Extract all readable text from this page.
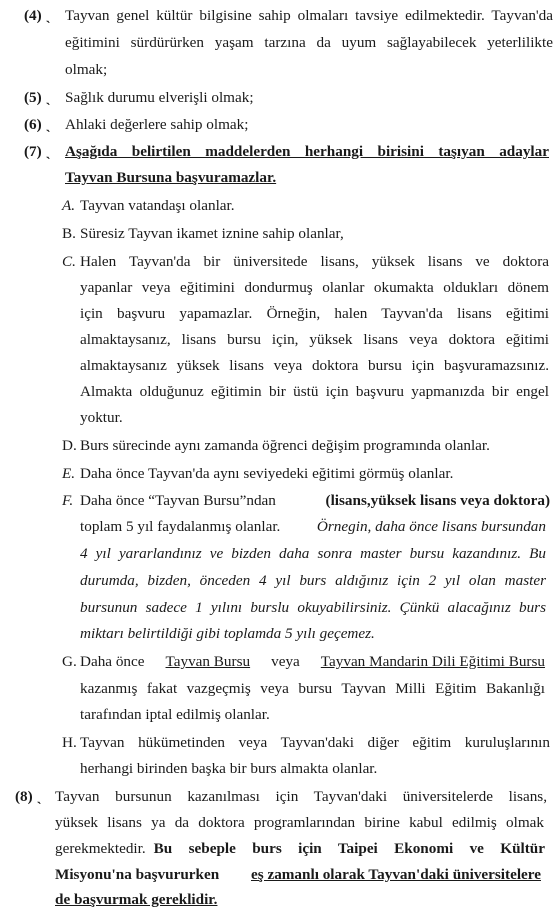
(4) ˎ Tayvan genel kültür bilgisine sahip olmaları tavsiye edilmektedir. Tayvan'da
eğitimini sürdürürken yaşam tarzına da uyum sağlayabilecek yeterlilikte
olmak;
(5) ˎ Sağlık durumu elverişli olmak;
(6) ˎ Ahlaki değerlere sahip olmak;
(7) ˎ Aşağıda belirtilen maddelerden herhangi birisini taşıyan adaylar
Tayvan Bursuna başvuramazlar.
A. Tayvan vatandaşı olanlar.
B. Süresiz Tayvan ikamet iznine sahip olanlar,
C. Halen Tayvan'da bir üniversitede lisans, yüksek lisans ve doktora
yapanlar veya eğitimini dondurmuş olanlar okumakta oldukları dönem
için başvuru yapamazlar. Örneğin, halen Tayvan'da lisans eğitimi
almaktaysanız, lisans bursu için, yüksek lisans veya doktora eğitimi
almaktaysanız yüksek lisans veya doktora bursu için başvuramazsınız.
Almakta olduğunuz eğitimin bir üstü için başvuru yapmanızda bir engel
yoktur.
D. Burs sürecinde aynı zamanda öğrenci değişim programında olanlar.
E. Daha önce Tayvan'da aynı seviyedeki eğitimi görmüş olanlar.
F. Daha önce “Tayvan Bursu”ndan	(lisans,yüksek lisans veya doktora)
toplam 5 yıl faydalanmış olanlar. Örnegin, daha önce lisans bursundan
4 yıl yararlandınız ve bizden daha sonra master bursu kazandınız. Bu
durumda, bizden, önceden 4 yıl burs aldığınız için 2 yıl olan master
bursunun sadece 1 yılını burslu okuyabilirsiniz. Çünkü alacağınız burs
miktarı belirtildiği gibi toplamda 5 yılı geçemez.
G. Daha önce Tayvan Bursu veya Tayvan Mandarin Dili Eğitimi Bursu
kazanmış fakat vazgeçmiş veya bursu Tayvan Milli Eğitim Bakanlığı
tarafından iptal edilmiş olanlar.
H. Tayvan hükümetinden veya Tayvan'daki diğer eğitim kuruluşlarının
herhangi birinden başka bir burs almakta olanlar.
(8) ˎ Tayvan bursunun kazanılması için Tayvan'daki üniversitelerde lisans,
yüksek lisans ya da doktora programlarından birine kabul edilmiş olmak
gerekmektedir. Bu sebeple burs için Taipei Ekonomi ve Kültür
Misyonu'na başvururken eş zamanlı olarak Tayvan'daki üniversitelere
de başvurmak gereklidir.
